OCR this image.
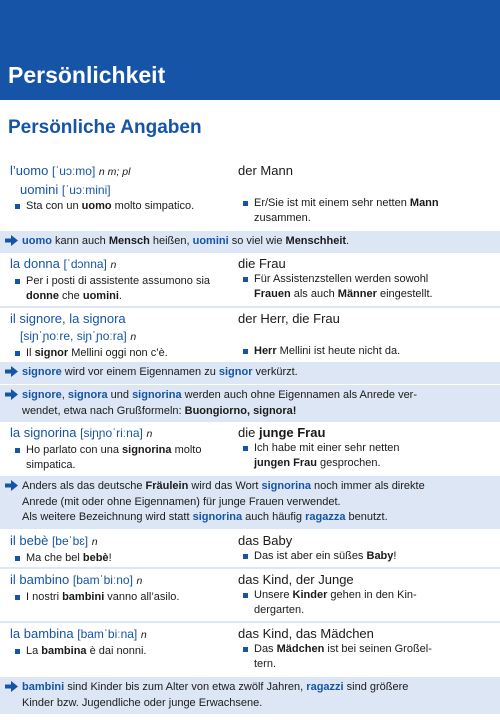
Persönlichkeit
Persönliche Angaben
l’uomo [ˈuɔːmo] n m; pl
uomini [ˈuɔːmini]
Sta con un uomo molto simpatico.
der Mann
Er/Sie ist mit einem sehr netten Mann zusammen.
uomo kann auch Mensch heißen, uomini so viel wie Menschheit.
la donna [ˈdɔnna] n
Per i posti di assistente assumono sia
donne che uomini.
die Frau
Für Assistenzstellen werden sowohl
Frauen als auch Männer eingestellt.
il signore, la signora
[siɲˈɲoːre, siɲˈɲoːra] n
Il signor Mellini oggi non c’è.
der Herr, die Frau
Herr Mellini ist heute nicht da.
signore wird vor einem Eigennamen zu signor verkürzt.
signore, signora und signorina werden auch ohne Eigennamen als Anrede ver-
wendet, etwa nach Grußformeln: Buongiorno, signora!
la signorina [siɲɲoˈriːna] n
Ho parlato con una signorina molto
simpatica.
die junge Frau
Ich habe mit einer sehr netten
jungen Frau gesprochen.
Anders als das deutsche Fräulein wird das Wort signorina noch immer als direkte
Anrede (mit oder ohne Eigennamen) für junge Frauen verwendet.
Als weitere Bezeichnung wird statt signorina auch häufig ragazza benutzt.
il bebè [beˈbɛ] n
Ma che bel bebè!
das Baby
Das ist aber ein süßes Baby!
il bambino [bamˈbiːno] n
I nostri bambini vanno all’asilo.
das Kind, der Junge
Unsere Kinder gehen in den Kin-
dergarten.
la bambina [bamˈbiːna] n
La bambina è dai nonni.
das Kind, das Mädchen
Das Mädchen ist bei seinen Großel-
tern.
bambini sind Kinder bis zum Alter von etwa zwölf Jahren, ragazzi sind größere
Kinder bzw. Jugendliche oder junge Erwachsene.
